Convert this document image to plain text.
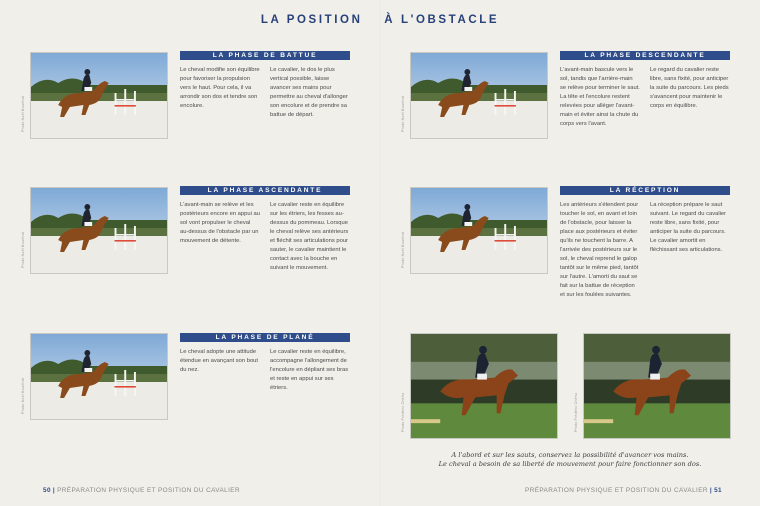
LA POSITION À L'OBSTACLE
Photo Noël Bourlhat
LA PHASE DE BATTUE
Le cheval modifie son équilibre pour favoriser la propulsion vers le haut. Pour cela, il va arrondir son dos et tendre son encolure.
Le cavalier, le dos le plus vertical possible, laisse avancer ses mains pour permettre au cheval d'allonger son encolure et de prendre sa battue de départ.
Photo Noël Bourlhat
LA PHASE ASCENDANTE
L'avant-main se relève et les postérieurs encore en appui au sol vont propulser le cheval au-dessus de l'obstacle par un mouvement de détente.
Le cavalier reste en équilibre sur les étriers, les fesses au-dessus du pommeau. Lorsque le cheval relève ses antérieurs et fléchit ses articulations pour sauter, le cavalier maintient le contact avec la bouche en suivant le mouvement.
Photo Noël Bourlhat
LA PHASE DE PLANÉ
Le cheval adopte une attitude étendue en avançant son bout du nez.
Le cavalier reste en équilibre, accompagne l'allongement de l'encolure en dépliant ses bras et reste en appui sur ses étriers.
Photo Noël Bourlhat
LA PHASE DESCENDANTE
L'avant-main bascule vers le sol, tandis que l'arrière-main se relève pour terminer le saut. La tête et l'encolure restent relevées pour alléger l'avant-main et éviter ainsi la chute du corps vers l'avant.
Le regard du cavalier reste libre, sans fixité, pour anticiper la suite du parcours. Les pieds s'avancent pour maintenir le corps en équilibre.
Photo Noël Bourlhat
LA RÉCEPTION
Les antérieurs s'étendent pour toucher le sol, en avant et loin de l'obstacle, pour laisser la place aux postérieurs et éviter qu'ils ne touchent la barre. A l'arrivée des postérieurs sur le sol, le cheval reprend le galop tantôt sur le même pied, tantôt sur l'autre. L'amorti du saut se fait sur la battue de réception et sur les foulées suivantes.
La réception prépare le saut suivant. Le regard du cavalier reste libre, sans fixité, pour anticiper la suite du parcours. Le cavalier amortit en fléchissant ses articulations.
Photo Frédéric Chéhu	Photo Frédéric Chéhu
A l'abord et sur les sauts, conservez la possibilité d'avancer vos mains.
Le cheval a besoin de sa liberté de mouvement pour faire fonctionner son dos.
50 | PRÉPARATION PHYSIQUE ET POSITION DU CAVALIER	PRÉPARATION PHYSIQUE ET POSITION DU CAVALIER | 51
